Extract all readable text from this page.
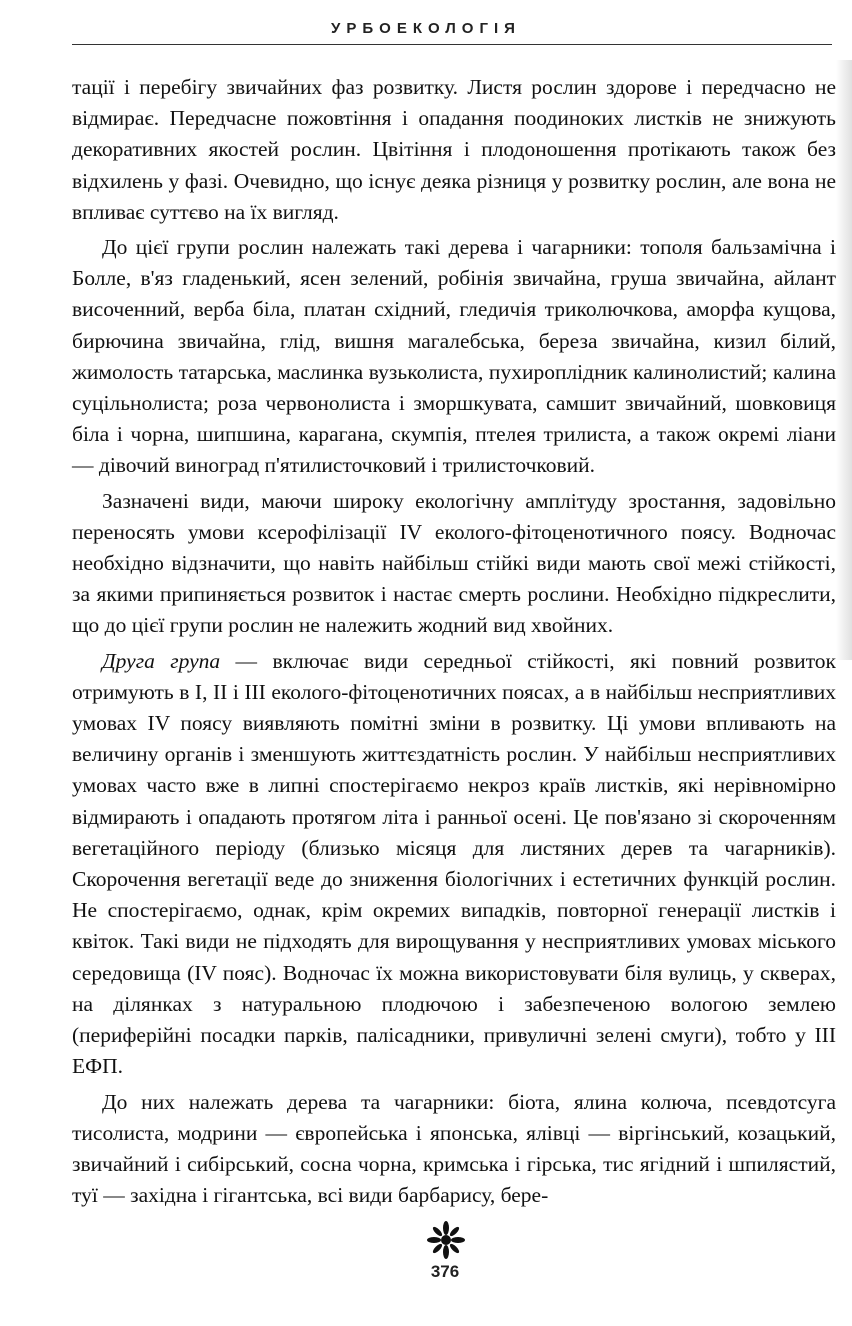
УРБОЕКОЛОГІЯ

тації і перебігу звичайних фаз розвитку. Листя рослин здорове і передчасно не відмирає. Передчасне пожовтіння і опадання поодиноких листків не знижують декоративних якостей рослин. Цвітіння і плодоношення протікають також без відхилень у фазі. Очевидно, що існує деяка різниця у розвитку рослин, але вона не впливає суттєво на їх вигляд.

До цієї групи рослин належать такі дерева і чагарники: тополя бальзамічна і Болле, в'яз гладенький, ясен зелений, робінія звичайна, груша звичайна, айлант височенний, верба біла, платан східний, гледичія триколючкова, аморфа кущова, бирючина звичайна, глід, вишня магалебська, береза звичайна, кизил білий, жимолость татарська, маслинка вузьколиста, пухироплідник калинолистий; калина суцільнолиста; роза червонолиста і зморшкувата, самшит звичайний, шовковиця біла і чорна, шипшина, карагана, скумпія, птелея трилиста, а також окремі ліани — дівочий виноград п'ятилисточковий і трилисточковий.

Зазначені види, маючи широку екологічну амплітуду зростання, задовільно переносять умови ксерофілізації IV еколого-фітоценотичного поясу. Водночас необхідно відзначити, що навіть найбільш стійкі види мають свої межі стійкості, за якими припиняється розвиток і настає смерть рослини. Необхідно підкреслити, що до цієї групи рослин не належить жодний вид хвойних.

Друга група — включає види середньої стійкості, які повний розвиток отримують в І, ІІ і ІІІ еколого-фітоценотичних поясах, а в найбільш несприятливих умовах IV поясу виявляють помітні зміни в розвитку. Ці умови впливають на величину органів і зменшують життєздатність рослин. У найбільш несприятливих умовах часто вже в липні спостерігаємо некроз країв листків, які нерівномірно відмирають і опадають протягом літа і ранньої осені. Це пов'язано зі скороченням вегетаційного періоду (близько місяця для листяних дерев та чагарників). Скорочення вегетації веде до зниження біологічних і естетичних функцій рослин. Не спостерігаємо, однак, крім окремих випадків, повторної генерації листків і квіток. Такі види не підходять для вирощування у несприятливих умовах міського середовища (IV пояс). Водночас їх можна використовувати біля вулиць, у скверах, на ділянках з натуральною плодючою і забезпеченою вологою землею (периферійні посадки парків, палісадники, привуличні зелені смуги), тобто у ІІІ ЕФП.

До них належать дерева та чагарники: біота, ялина колюча, псевдотсуга тисолиста, модрини — європейська і японська, ялівці — віргінський, козацький, звичайний і сибірський, сосна чорна, кримська і гірська, тис ягідний і шпилястий, туї — західна і гігантська, всі види барбарису, бере-

376
